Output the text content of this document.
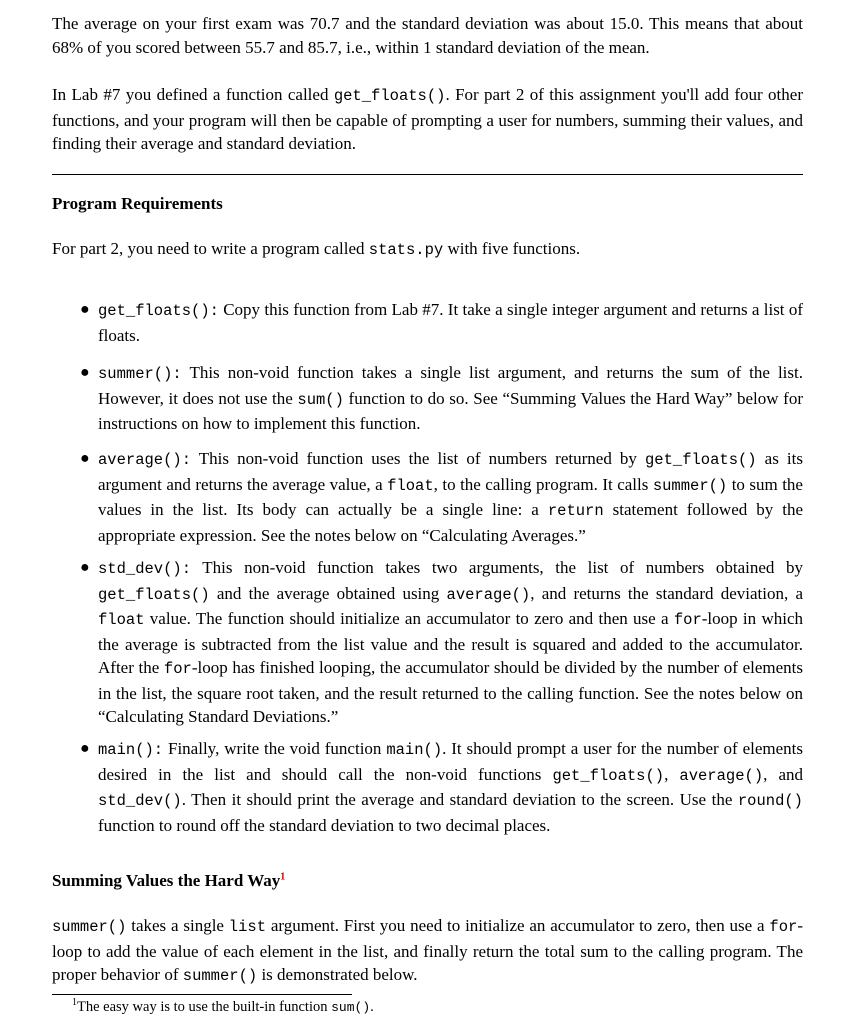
The average on your first exam was 70.7 and the standard deviation was about 15.0. This means that about 68% of you scored between 55.7 and 85.7, i.e., within 1 standard deviation of the mean.

In Lab #7 you defined a function called get_floats(). For part 2 of this assignment you'll add four other functions, and your program will then be capable of prompting a user for numbers, summing their values, and finding their average and standard deviation.

Program Requirements

For part 2, you need to write a program called stats.py with five functions.

● get_floats(): Copy this function from Lab #7. It take a single integer argument and returns a list of floats.
● summer(): This non-void function takes a single list argument, and returns the sum of the list. However, it does not use the sum() function to do so. See “Summing Values the Hard Way” below for instructions on how to implement this function.
● average(): This non-void function uses the list of numbers returned by get_floats() as its argument and returns the average value, a float, to the calling program. It calls summer() to sum the values in the list. Its body can actually be a single line: a return statement followed by the appropriate expression. See the notes below on “Calculating Averages.”
● std_dev(): This non-void function takes two arguments, the list of numbers obtained by get_floats() and the average obtained using average(), and returns the standard deviation, a float value. The function should initialize an accumulator to zero and then use a for-loop in which the average is subtracted from the list value and the result is squared and added to the accumulator. After the for-loop has finished looping, the accumulator should be divided by the number of elements in the list, the square root taken, and the result returned to the calling function. See the notes below on “Calculating Standard Deviations.”
● main(): Finally, write the void function main(). It should prompt a user for the number of elements desired in the list and should call the non-void functions get_floats(), average(), and std_dev(). Then it should print the average and standard deviation to the screen. Use the round() function to round off the standard deviation to two decimal places.

Summing Values the Hard Way$^1$

summer() takes a single list argument. First you need to initialize an accumulator to zero, then use a for-loop to add the value of each element in the list, and finally return the total sum to the calling program. The proper behavior of summer() is demonstrated below.

$^1$The easy way is to use the built-in function sum().
